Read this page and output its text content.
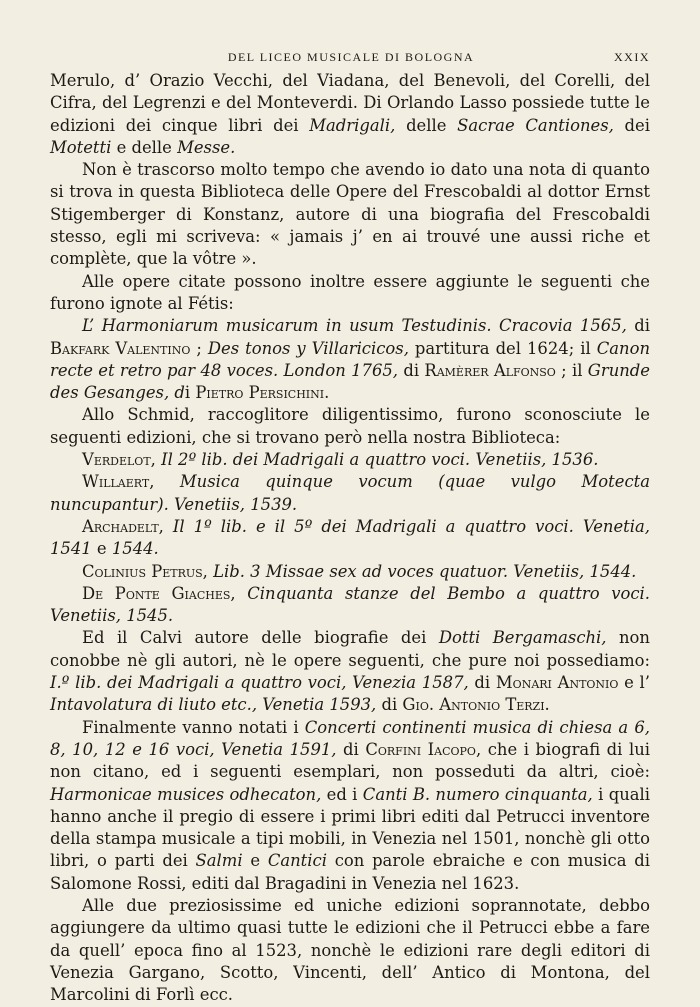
DEL LICEO MUSICALE DI BOLOGNA	XXIX

Merulo, d’ Orazio Vecchi, del Viadana, del Benevoli, del Corelli, del Cifra, del Legrenzi e del Monteverdi. Di Orlando Lasso possiede tutte le edizioni dei cinque libri dei Madrigali, delle Sacrae Cantiones, dei Motetti e delle Messe.

Non è trascorso molto tempo che avendo io dato una nota di quanto si trova in questa Biblioteca delle Opere del Frescobaldi al dottor Ernst Stigemberger di Konstanz, autore di una biografia del Frescobaldi stesso, egli mi scriveva: « jamais j’ en ai trouvé une aussi riche et complète, que la vôtre ».

Alle opere citate possono inoltre essere aggiunte le seguenti che furono ignote al Fétis:

L’ Harmoniarum musicarum in usum Testudinis. Cracovia 1565, di Bakfark Valentino ; Des tonos y Villaricicos, partitura del 1624; il Canon recte et retro par 48 voces. London 1765, di Ramèrer Alfonso ; il Grunde des Gesanges, di Pietro Persichini.

Allo Schmid, raccoglitore diligentissimo, furono sconosciute le seguenti edizioni, che si trovano però nella nostra Biblioteca:

Verdelot, Il 2º lib. dei Madrigali a quattro voci. Venetiis, 1536.

Willaert, Musica quinque vocum (quae vulgo Motecta nuncupantur). Venetiis, 1539.

Archadelt, Il 1º lib. e il 5º dei Madrigali a quattro voci. Venetia, 1541 e 1544.

Colinius Petrus, Lib. 3 Missae sex ad voces quatuor. Venetiis, 1544.

De Ponte Giaches, Cinquanta stanze del Bembo a quattro voci. Venetiis, 1545.

Ed il Calvi autore delle biografie dei Dotti Bergamaschi, non conobbe nè gli autori, nè le opere seguenti, che pure noi possediamo: I.º lib. dei Madrigali a quattro voci, Venezia 1587, di Monari Antonio e l’ Intavolatura di liuto etc., Venetia 1593, di Gio. Antonio Terzi.

Finalmente vanno notati i Concerti continenti musica di chiesa a 6, 8, 10, 12 e 16 voci, Venetia 1591, di Corfini Iacopo, che i biografi di lui non citano, ed i seguenti esemplari, non posseduti da altri, cioè: Harmonicae musices odhecaton, ed i Canti B. numero cinquanta, i quali hanno anche il pregio di essere i primi libri editi dal Petrucci inventore della stampa musicale a tipi mobili, in Venezia nel 1501, nonchè gli otto libri, o parti dei Salmi e Cantici con parole ebraiche e con musica di Salomone Rossi, editi dal Bragadini in Venezia nel 1623.

Alle due preziosissime ed uniche edizioni soprannotate, debbo aggiungere da ultimo quasi tutte le edizioni che il Petrucci ebbe a fare da quell’ epoca fino al 1523, nonchè le edizioni rare degli editori di Venezia Gargano, Scotto, Vincenti, dell’ Antico di Montona, del Marcolini di Forlì ecc.
